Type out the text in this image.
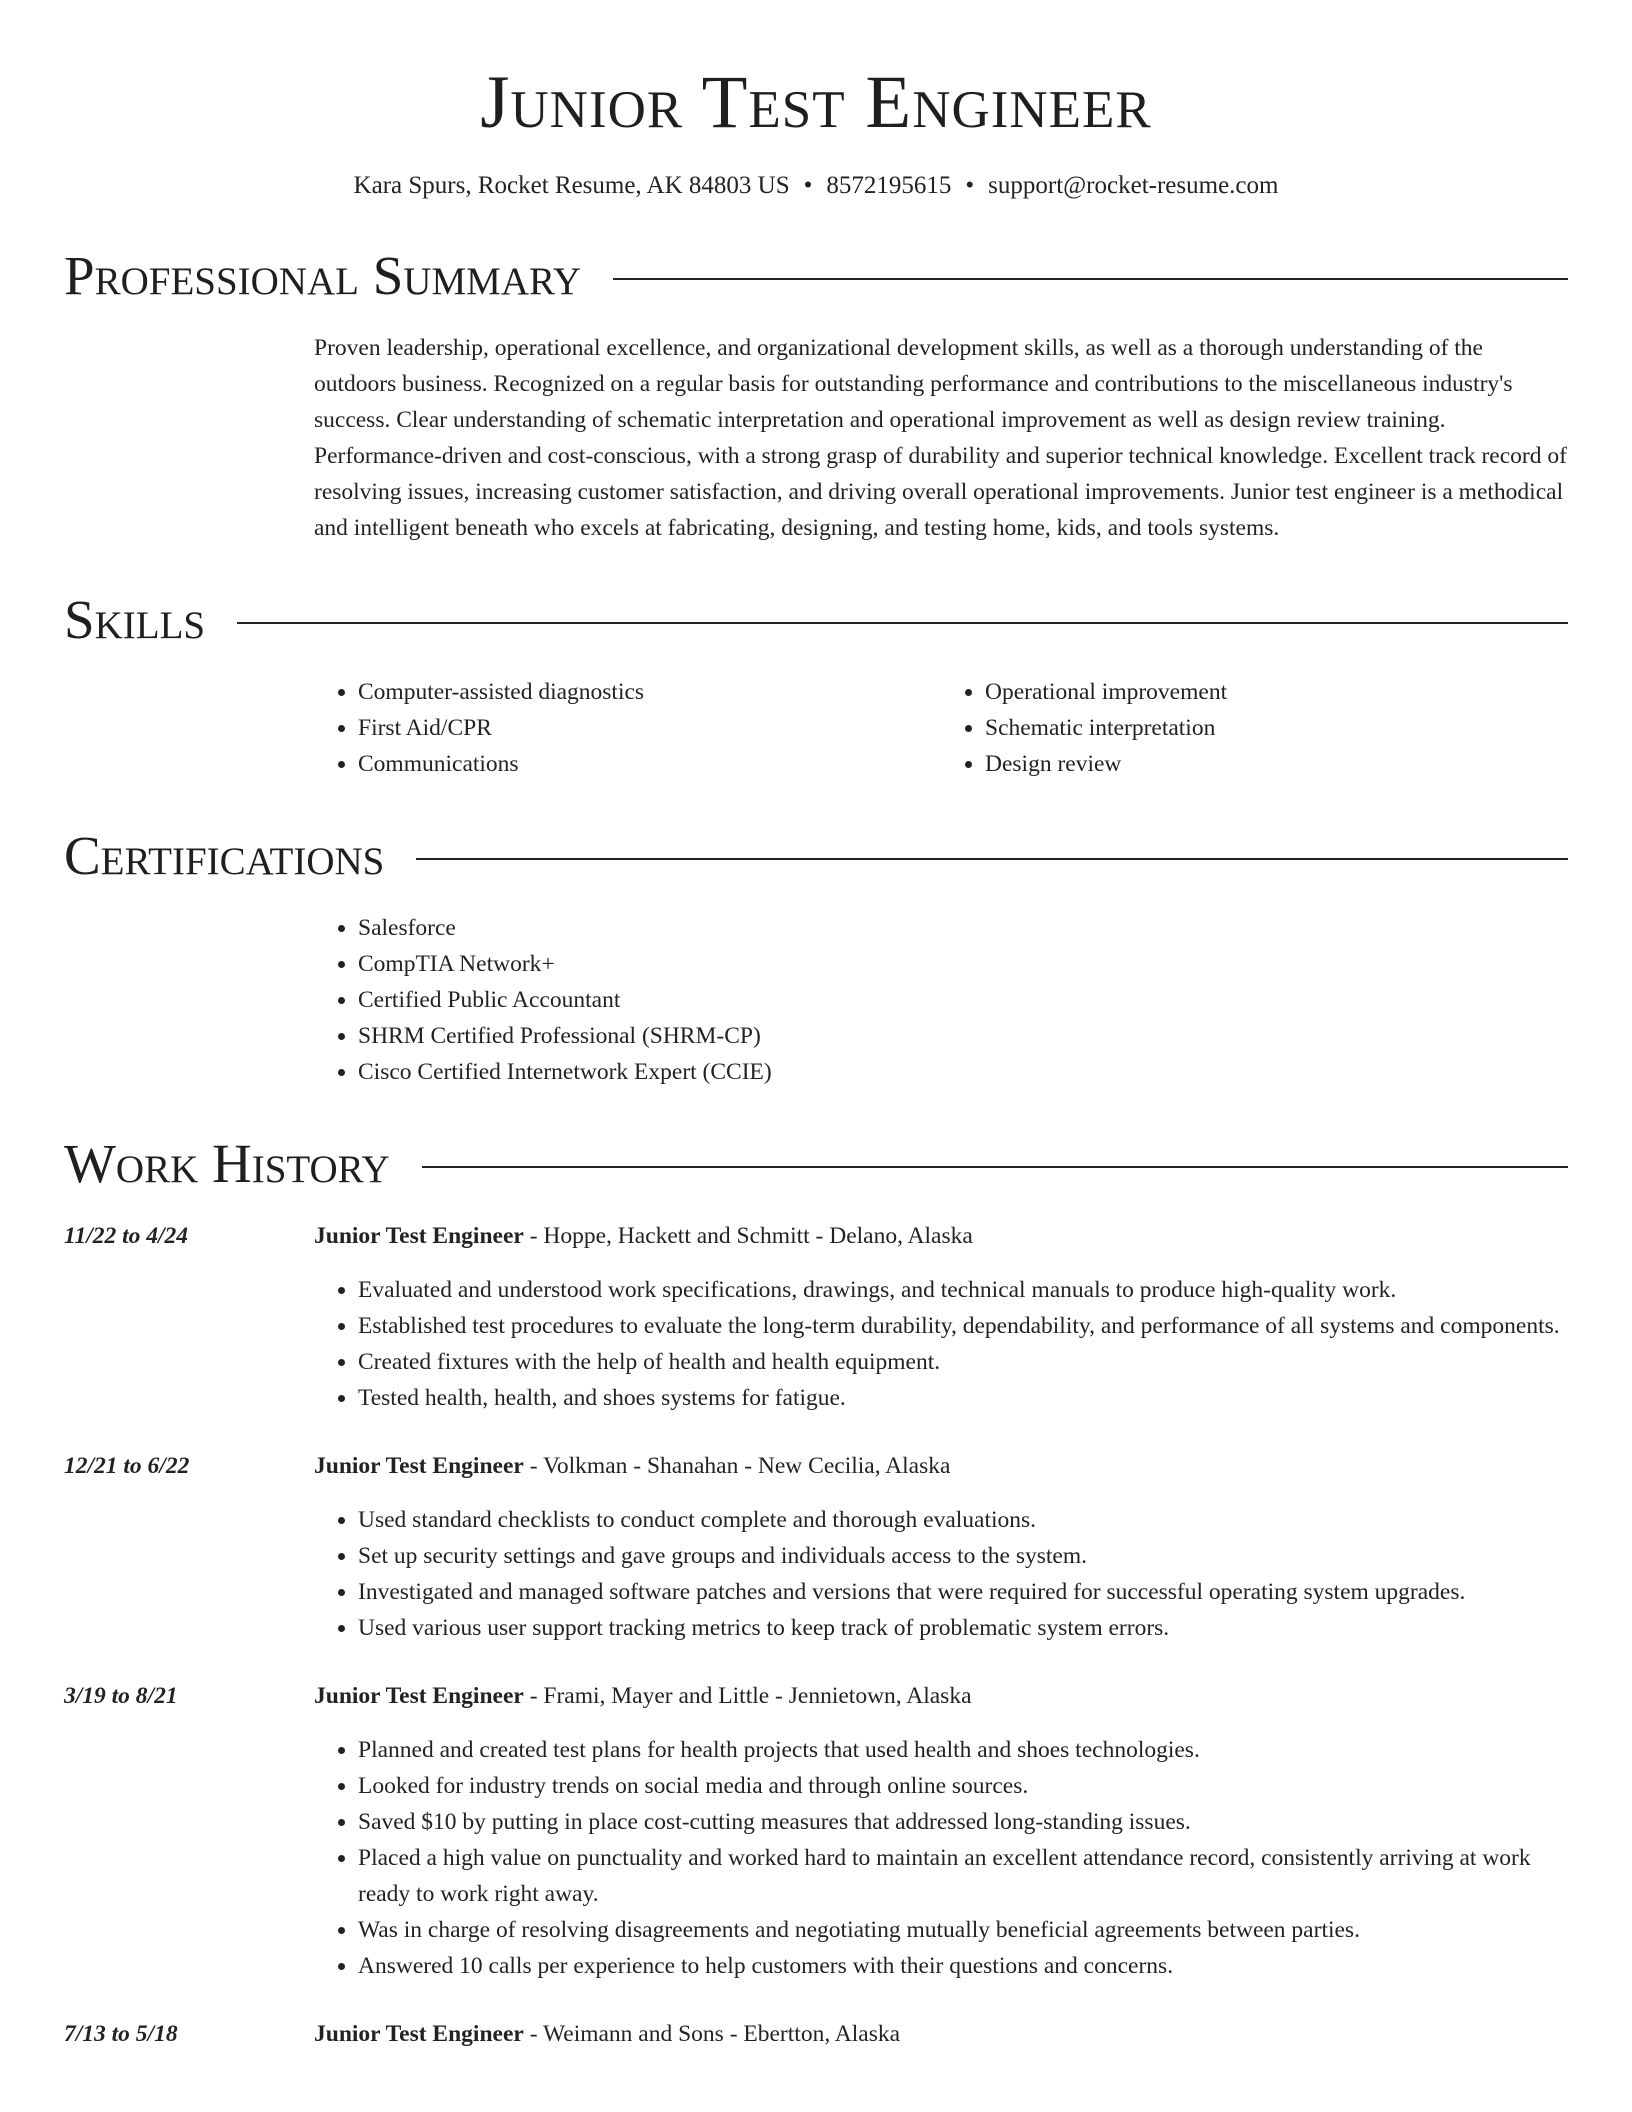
Junior Test Engineer
Kara Spurs, Rocket Resume, AK 84803 US • 8572195615 • support@rocket-resume.com
Professional Summary
Proven leadership, operational excellence, and organizational development skills, as well as a thorough understanding of the outdoors business. Recognized on a regular basis for outstanding performance and contributions to the miscellaneous industry's success. Clear understanding of schematic interpretation and operational improvement as well as design review training. Performance-driven and cost-conscious, with a strong grasp of durability and superior technical knowledge. Excellent track record of resolving issues, increasing customer satisfaction, and driving overall operational improvements. Junior test engineer is a methodical and intelligent beneath who excels at fabricating, designing, and testing home, kids, and tools systems.
Skills
• Computer-assisted diagnostics
• First Aid/CPR
• Communications
• Operational improvement
• Schematic interpretation
• Design review
Certifications
• Salesforce
• CompTIA Network+
• Certified Public Accountant
• SHRM Certified Professional (SHRM-CP)
• Cisco Certified Internetwork Expert (CCIE)
Work History
11/22 to 4/24	Junior Test Engineer - Hoppe, Hackett and Schmitt - Delano, Alaska
• Evaluated and understood work specifications, drawings, and technical manuals to produce high-quality work.
• Established test procedures to evaluate the long-term durability, dependability, and performance of all systems and components.
• Created fixtures with the help of health and health equipment.
• Tested health, health, and shoes systems for fatigue.
12/21 to 6/22	Junior Test Engineer - Volkman - Shanahan - New Cecilia, Alaska
• Used standard checklists to conduct complete and thorough evaluations.
• Set up security settings and gave groups and individuals access to the system.
• Investigated and managed software patches and versions that were required for successful operating system upgrades.
• Used various user support tracking metrics to keep track of problematic system errors.
3/19 to 8/21	Junior Test Engineer - Frami, Mayer and Little - Jennietown, Alaska
• Planned and created test plans for health projects that used health and shoes technologies.
• Looked for industry trends on social media and through online sources.
• Saved $10 by putting in place cost-cutting measures that addressed long-standing issues.
• Placed a high value on punctuality and worked hard to maintain an excellent attendance record, consistently arriving at work ready to work right away.
• Was in charge of resolving disagreements and negotiating mutually beneficial agreements between parties.
• Answered 10 calls per experience to help customers with their questions and concerns.
7/13 to 5/18	Junior Test Engineer - Weimann and Sons - Ebertton, Alaska
